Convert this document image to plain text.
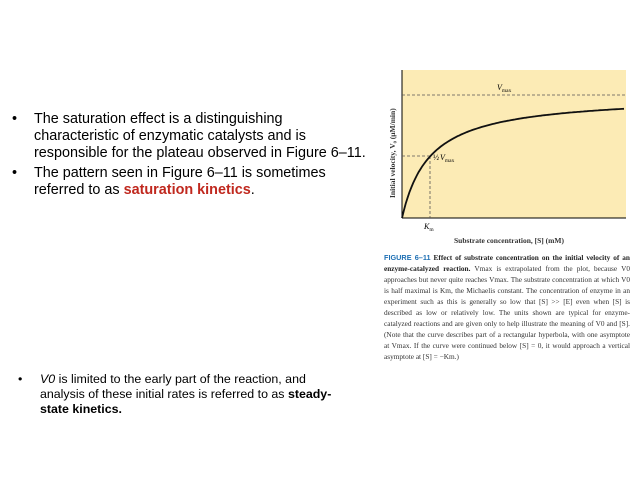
• The saturation effect is a distinguishing characteristic of enzymatic catalysts and is responsible for the plateau observed in Figure 6–11.
• The pattern seen in Figure 6–11 is sometimes referred to as saturation kinetics.
$V_{max}$
$\frac{1}{2}V_{max}$
$K_m$
Substrate concentration, [S] (mM)
Initial velocity, V₀ (μM/min)
FIGURE 6–11 Effect of substrate concentration on the initial velocity of an enzyme-catalyzed reaction. Vmax is extrapolated from the plot, because V0 approaches but never quite reaches Vmax. The substrate concentration at which V0 is half maximal is Km, the Michaelis constant. The concentration of enzyme in an experiment such as this is generally so low that [S] >> [E] even when [S] is described as low or relatively low. The units shown are typical for enzyme-catalyzed reactions and are given only to help illustrate the meaning of V0 and [S]. (Note that the curve describes part of a rectangular hyperbola, with one asymptote at Vmax. If the curve were continued below [S] = 0, it would approach a vertical asymptote at [S] = −Km.)
• V0 is limited to the early part of the reaction, and analysis of these initial rates is referred to as steady-state kinetics.
